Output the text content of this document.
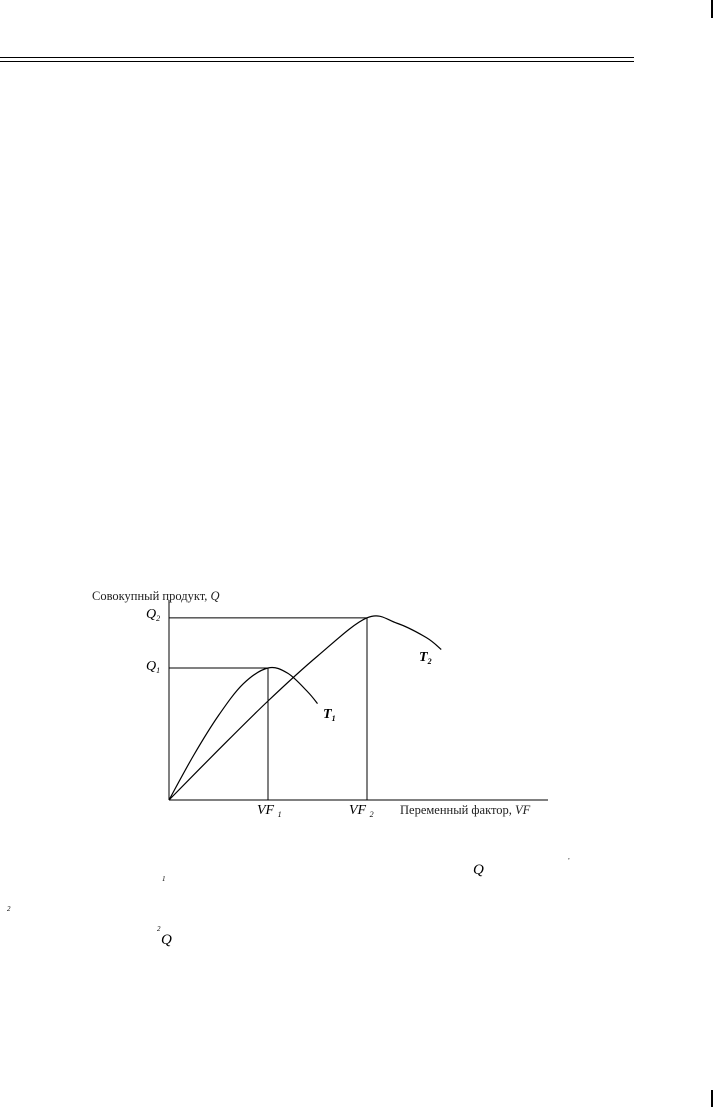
Совокупный продукт, Q
Переменный фактор, VF
$Q_2$
$Q_1$
VF $_1$	VF $_2$
$T_1$
$T_2$
1
Q
,
2
2
Q
